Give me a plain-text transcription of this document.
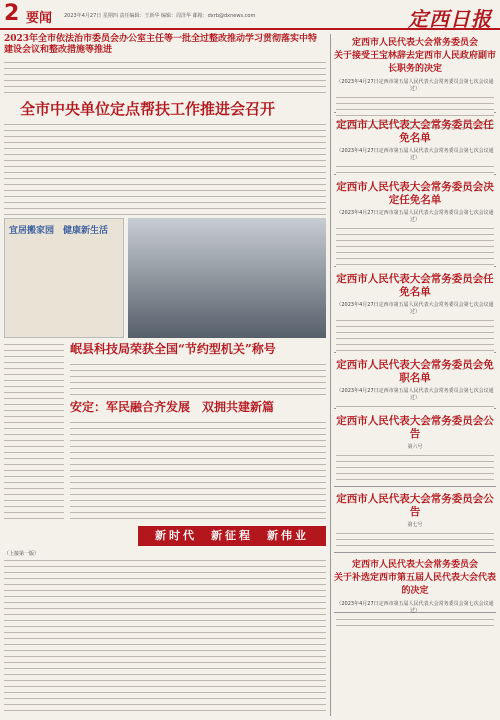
2 要闻 2023年4月27日 星期四 责任编辑：王新华 编辑：周泽华 邮箱：dxrb@dxnews.com	定西日报
2023年全市依法治市委员会办公室主任等一批全过整改推动学习贯彻落实中特建设会议和整改措施等推进
全市中央单位定点帮扶工作推进会召开
宜居搬家园　健康新生活
岷县科技局荣获全国“节约型机关”称号
安定：军民融合齐发展　双拥共建新篇
新时代　新征程　新伟业
（上接第一版）
定西市人民代表大会常务委员会
关于接受王宝林辞去定西市人民政府副市长职务的决定
（2023年4月27日定西市第五届人民代表大会常务委员会第七次会议通过）
定西市人民代表大会常务委员会任免名单
（2023年4月27日定西市第五届人民代表大会常务委员会第七次会议通过）
定西市人民代表大会常务委员会决定任免名单
（2023年4月27日定西市第五届人民代表大会常务委员会第七次会议通过）
定西市人民代表大会常务委员会任免名单
（2023年4月27日定西市第五届人民代表大会常务委员会第七次会议通过）
定西市人民代表大会常务委员会免职名单
（2023年4月27日定西市第五届人民代表大会常务委员会第七次会议通过）
定西市人民代表大会常务委员会公告
第六号
定西市人民代表大会常务委员会公告
第七号
定西市人民代表大会常务委员会
关于补选定西市第五届人民代表大会代表的决定
（2023年4月27日定西市第五届人民代表大会常务委员会第七次会议通过）
